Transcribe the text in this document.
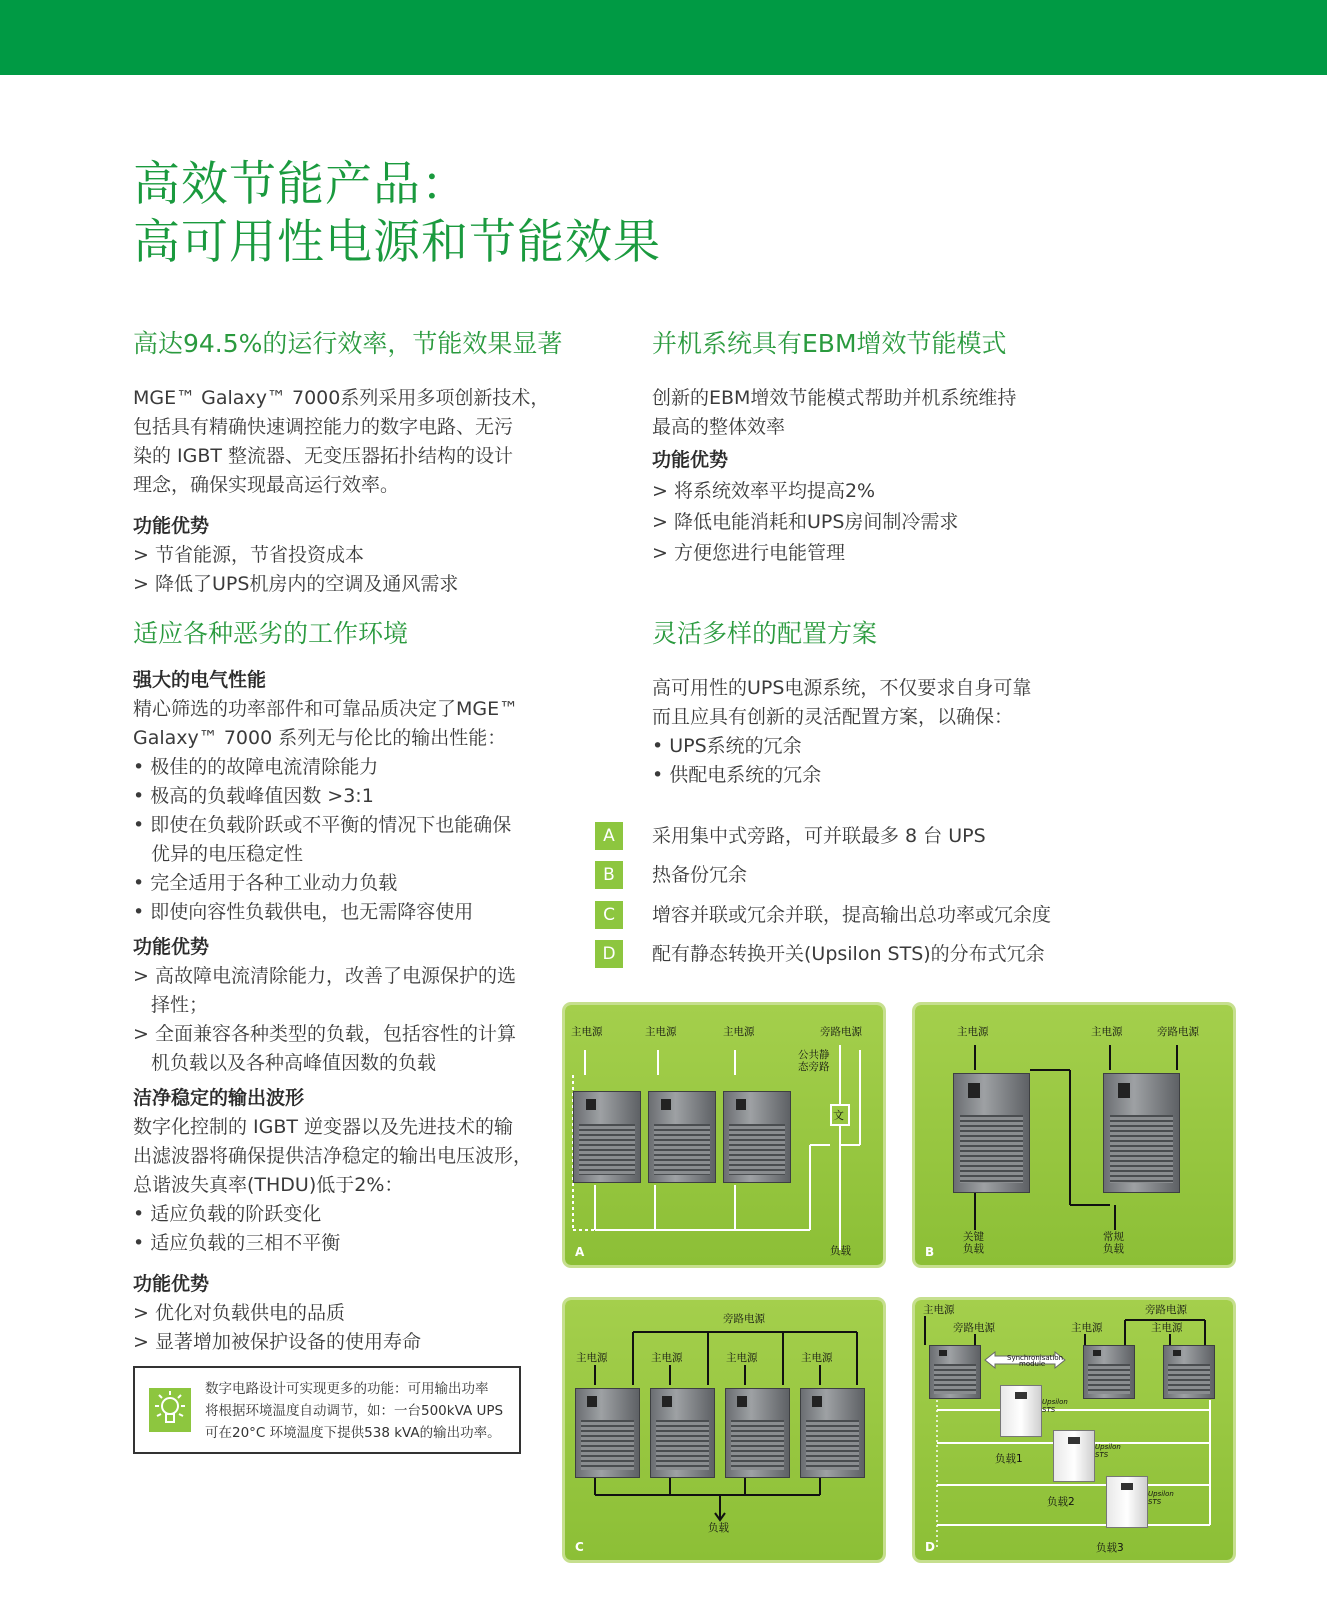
高效节能产品：
高可用性电源和节能效果
高达94.5%的运行效率，节能效果显著

MGE™ Galaxy™ 7000系列采用多项创新技术，

包括具有精确快速调控能力的数字电路、无污

染的 IGBT 整流器、无变压器拓扑结构的设计

理念，确保实现最高运行效率。

功能优势

> 节省能源，节省投资成本

> 降低了UPS机房内的空调及通风需求

适应各种恶劣的工作环境

强大的电气性能

精心筛选的功率部件和可靠品质决定了MGE™

Galaxy™ 7000 系列无与伦比的输出性能：

• 极佳的的故障电流清除能力

• 极高的负载峰值因数 >3:1

• 即使在负载阶跃或不平衡的情况下也能确保

优异的电压稳定性

• 完全适用于各种工业动力负载

• 即使向容性负载供电，也无需降容使用

功能优势

> 高故障电流清除能力，改善了电源保护的选

择性；

> 全面兼容各种类型的负载，包括容性的计算

机负载以及各种高峰值因数的负载

洁净稳定的输出波形

数字化控制的 IGBT 逆变器以及先进技术的输

出滤波器将确保提供洁净稳定的输出电压波形，

总谐波失真率(THDU)低于2%：

• 适应负载的阶跃变化

• 适应负载的三相不平衡

功能优势

> 优化对负载供电的品质

> 显著增加被保护设备的使用寿命

数字电路设计可实现更多的功能：可用输出功率
将根据环境温度自动调节，如：一台500kVA UPS
可在20°C 环境温度下提供538 kVA的输出功率。
并机系统具有EBM增效节能模式

创新的EBM增效节能模式帮助并机系统维持

最高的整体效率

功能优势

> 将系统效率平均提高2%

> 降低电能消耗和UPS房间制冷需求

> 方便您进行电能管理

灵活多样的配置方案

高可用性的UPS电源系统，不仅要求自身可靠

而且应具有创新的灵活配置方案，以确保：

• UPS系统的冗余

• 供配电系统的冗余

A	采用集中式旁路，可并联最多 8 台 UPS
B	热备份冗余
C	增容并联或冗余并联，提高输出总功率或冗余度
D	配有静态转换开关(Upsilon STS)的分布式冗余
主电源	主电源	主电源	旁路电源
公共静
态旁路
文
负载
A
主电源	主电源	旁路电源
关键
负载
常规
负载
B
旁路电源
主电源	主电源	主电源	主电源
负载
C
主电源
旁路电源	主电源
旁路电源
主电源
Synchronisation
module
Upsilon
STS
Upsilon
STS
Upsilon
STS
负载1
负载2
负载3
D
